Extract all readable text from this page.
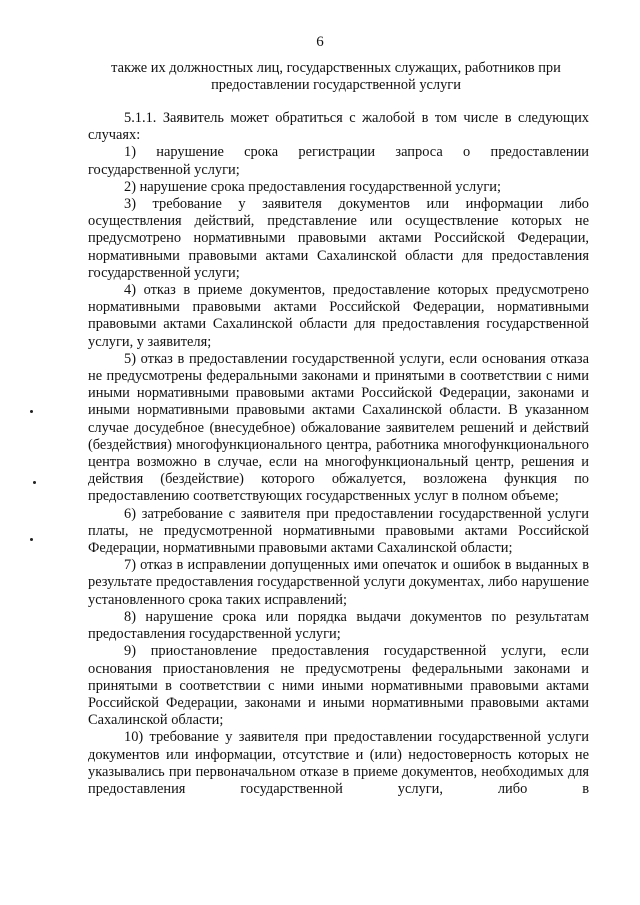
6
также их должностных лиц, государственных служащих, работников при предоставлении государственной услуги

5.1.1. Заявитель может обратиться с жалобой в том числе в следующих случаях:

1) нарушение срока регистрации запроса о предоставлении государственной услуги;

2) нарушение срока предоставления государственной услуги;

3) требование у заявителя документов или информации либо осуществления действий, представление или осуществление которых не предусмотрено нормативными правовыми актами Российской Федерации, нормативными правовыми актами Сахалинской области для предоставления государственной услуги;

4) отказ в приеме документов, предоставление которых предусмотрено нормативными правовыми актами Российской Федерации, нормативными правовыми актами Сахалинской области для предоставления государственной услуги, у заявителя;

5) отказ в предоставлении государственной услуги, если основания отказа не предусмотрены федеральными законами и принятыми в соответствии с ними иными нормативными правовыми актами Российской Федерации, законами и иными нормативными правовыми актами Сахалинской области. В указанном случае досудебное (внесудебное) обжалование заявителем решений и действий (бездействия) многофункционального центра, работника многофункционального центра возможно в случае, если на многофункциональный центр, решения и действия (бездействие) которого обжалуется, возложена функция по предоставлению соответствующих государственных услуг в полном объеме;

6) затребование с заявителя при предоставлении государственной услуги платы, не предусмотренной нормативными правовыми актами Российской Федерации, нормативными правовыми актами Сахалинской области;

7) отказ в исправлении допущенных ими опечаток и ошибок в выданных в результате предоставления государственной услуги документах, либо нарушение установленного срока таких исправлений;

8) нарушение срока или порядка выдачи документов по результатам предоставления государственной услуги;

9) приостановление предоставления государственной услуги, если основания приостановления не предусмотрены федеральными законами и принятыми в соответствии с ними иными нормативными правовыми актами Российской Федерации, законами и иными нормативными правовыми актами Сахалинской области;

10) требование у заявителя при предоставлении государственной услуги документов или информации, отсутствие и (или) недостоверность которых не указывались при первоначальном отказе в приеме документов, необходимых для предоставления государственной услуги, либо в
